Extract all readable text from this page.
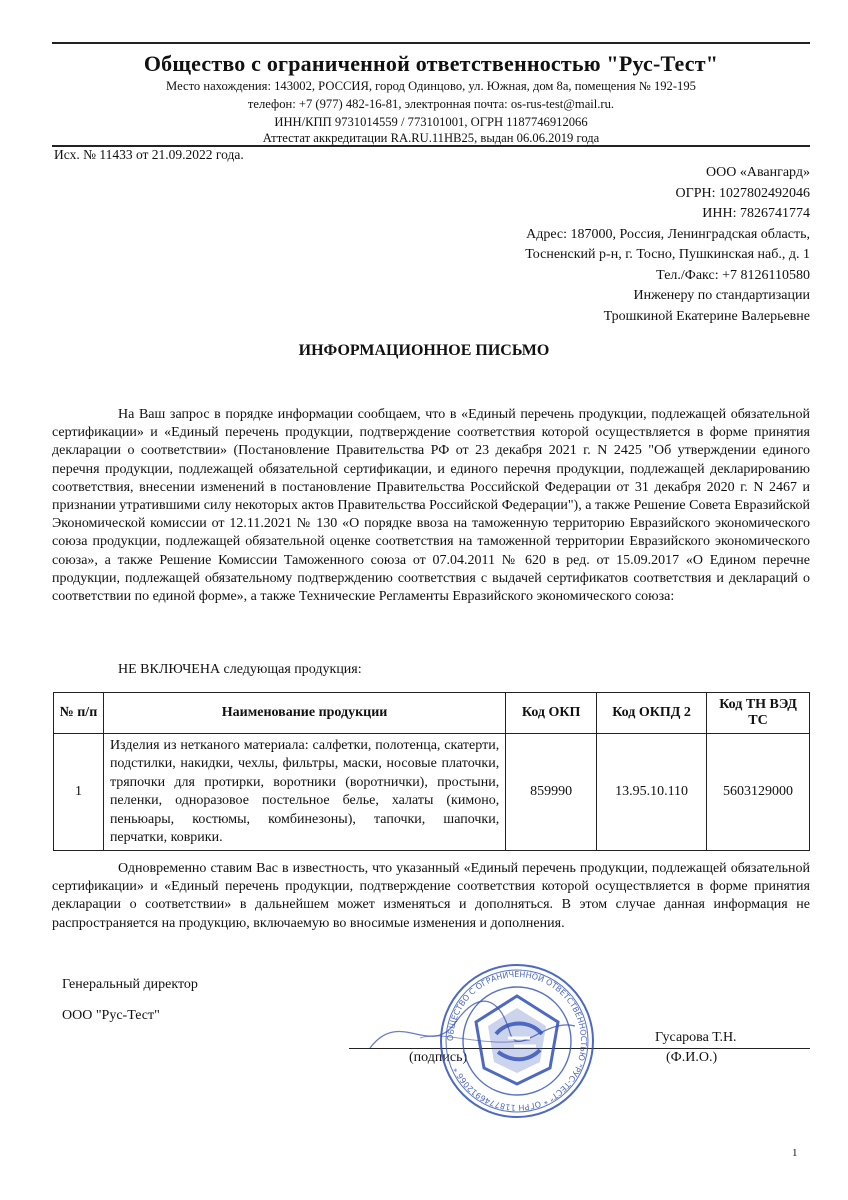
Общество с ограниченной ответственностью "Рус-Тест"
Место нахождения: 143002, РОССИЯ, город Одинцово, ул. Южная, дом 8а, помещения № 192-195
телефон: +7 (977) 482-16-81, электронная почта: os-rus-test@mail.ru.
ИНН/КПП 9731014559 / 773101001, ОГРН 1187746912066
Аттестат аккредитации RA.RU.11НВ25, выдан 06.06.2019 года
Исх. № 11433 от 21.09.2022 года.
ООО «Авангард»
ОГРН: 1027802492046
ИНН: 7826741774
Адрес: 187000, Россия, Ленинградская область,
Тосненский р-н, г. Тосно, Пушкинская наб., д. 1
Тел./Факс: +7 8126110580
Инженеру по стандартизации
Трошкиной Екатерине Валерьевне
ИНФОРМАЦИОННОЕ ПИСЬМО

На Ваш запрос в порядке информации сообщаем, что в «Единый перечень продукции, подлежащей обязательной сертификации» и «Единый перечень продукции, подтверждение соответствия которой осуществляется в форме принятия декларации о соответствии» (Постановление Правительства РФ от 23 декабря 2021 г. N 2425 "Об утверждении единого перечня продукции, подлежащей обязательной сертификации, и единого перечня продукции, подлежащей декларированию соответствия, внесении изменений в постановление Правительства Российской Федерации от 31 декабря 2020 г. N 2467 и признании утратившими силу некоторых актов Правительства Российской Федерации"), а также Решение Совета Евразийской Экономической комиссии от 12.11.2021 № 130 «О порядке ввоза на таможенную территорию Евразийского экономического союза продукции, подлежащей обязательной оценке соответствия на таможенной территории Евразийского экономического союза», а также Решение Комиссии Таможенного союза от 07.04.2011 № 620 в ред. от 15.09.2017 «О Едином перечне продукции, подлежащей обязательному подтверждению соответствия с выдачей сертификатов соответствия и деклараций о соответствии по единой форме», а также Технические Регламенты Евразийского экономического союза:

НЕ ВКЛЮЧЕНА следующая продукция:
№ п/п	Наименование продукции	Код ОКП	Код ОКПД 2	Код ТН ВЭД ТС
1	Изделия из нетканого материала: салфетки, полотенца, скатерти, подстилки, накидки, чехлы, фильтры, маски, носовые платочки, тряпочки для протирки, воротники (воротнички), простыни, пеленки, одноразовое постельное белье, халаты (кимоно, пеньюары, костюмы, комбинезоны), тапочки, шапочки, перчатки, коврики.	859990	13.95.10.110	5603129000

Одновременно ставим Вас в известность, что указанный «Единый перечень продукции, подлежащей обязательной сертификации» и «Единый перечень продукции, подтверждение соответствия которой осуществляется в форме принятия декларации о соответствии» в дальнейшем может изменяться и дополняться. В этом случае данная информация не распространяется на продукцию, включаемую во вносимые изменения и дополнения.

Генеральный директор
ООО "Рус-Тест"
Гусарова Т.Н.
(подпись)	(Ф.И.О.)
ОБЩЕСТВО С ОГРАНИЧЕННОЙ ОТВЕТСТВЕННОСТЬЮ "РУС-ТЕСТ" * ОГРН 1187746912066 *
1
